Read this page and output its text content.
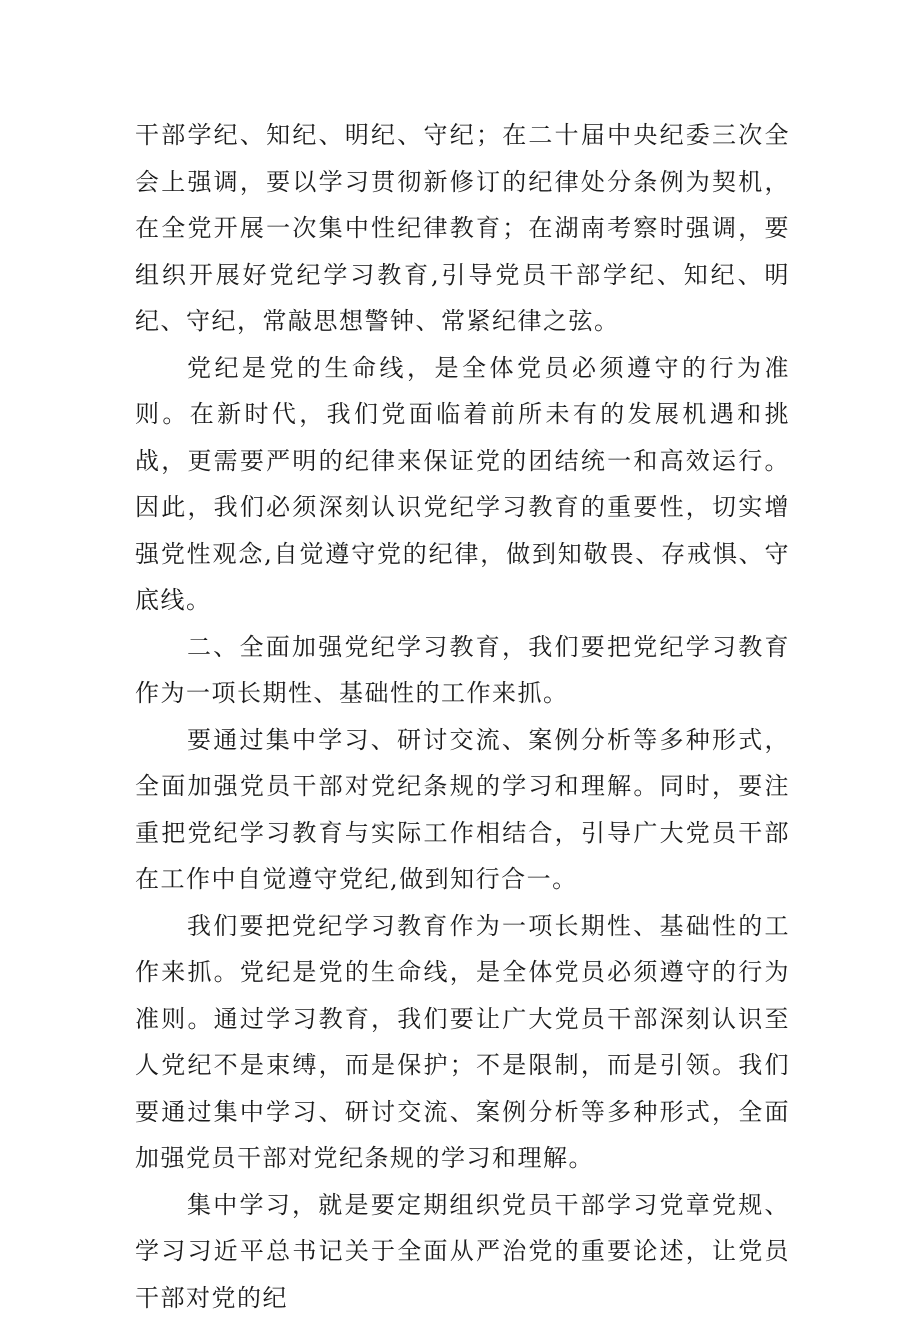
干部学纪、知纪、明纪、守纪；在二十届中央纪委三次全会上强调，要以学习贯彻新修订的纪律处分条例为契机，在全党开展一次集中性纪律教育；在湖南考察时强调，要组织开展好党纪学习教育,引导党员干部学纪、知纪、明纪、守纪，常敲思想警钟、常紧纪律之弦。

党纪是党的生命线，是全体党员必须遵守的行为准则。在新时代，我们党面临着前所未有的发展机遇和挑战，更需要严明的纪律来保证党的团结统一和高效运行。因此，我们必须深刻认识党纪学习教育的重要性，切实增强党性观念,自觉遵守党的纪律，做到知敬畏、存戒惧、守底线。

二、全面加强党纪学习教育，我们要把党纪学习教育作为一项长期性、基础性的工作来抓。

要通过集中学习、研讨交流、案例分析等多种形式，全面加强党员干部对党纪条规的学习和理解。同时，要注重把党纪学习教育与实际工作相结合，引导广大党员干部在工作中自觉遵守党纪,做到知行合一。

我们要把党纪学习教育作为一项长期性、基础性的工作来抓。党纪是党的生命线，是全体党员必须遵守的行为准则。通过学习教育，我们要让广大党员干部深刻认识至人党纪不是束缚，而是保护；不是限制，而是引领。我们要通过集中学习、研讨交流、案例分析等多种形式，全面加强党员干部对党纪条规的学习和理解。

集中学习，就是要定期组织党员干部学习党章党规、学习习近平总书记关于全面从严治党的重要论述，让党员干部对党的纪
